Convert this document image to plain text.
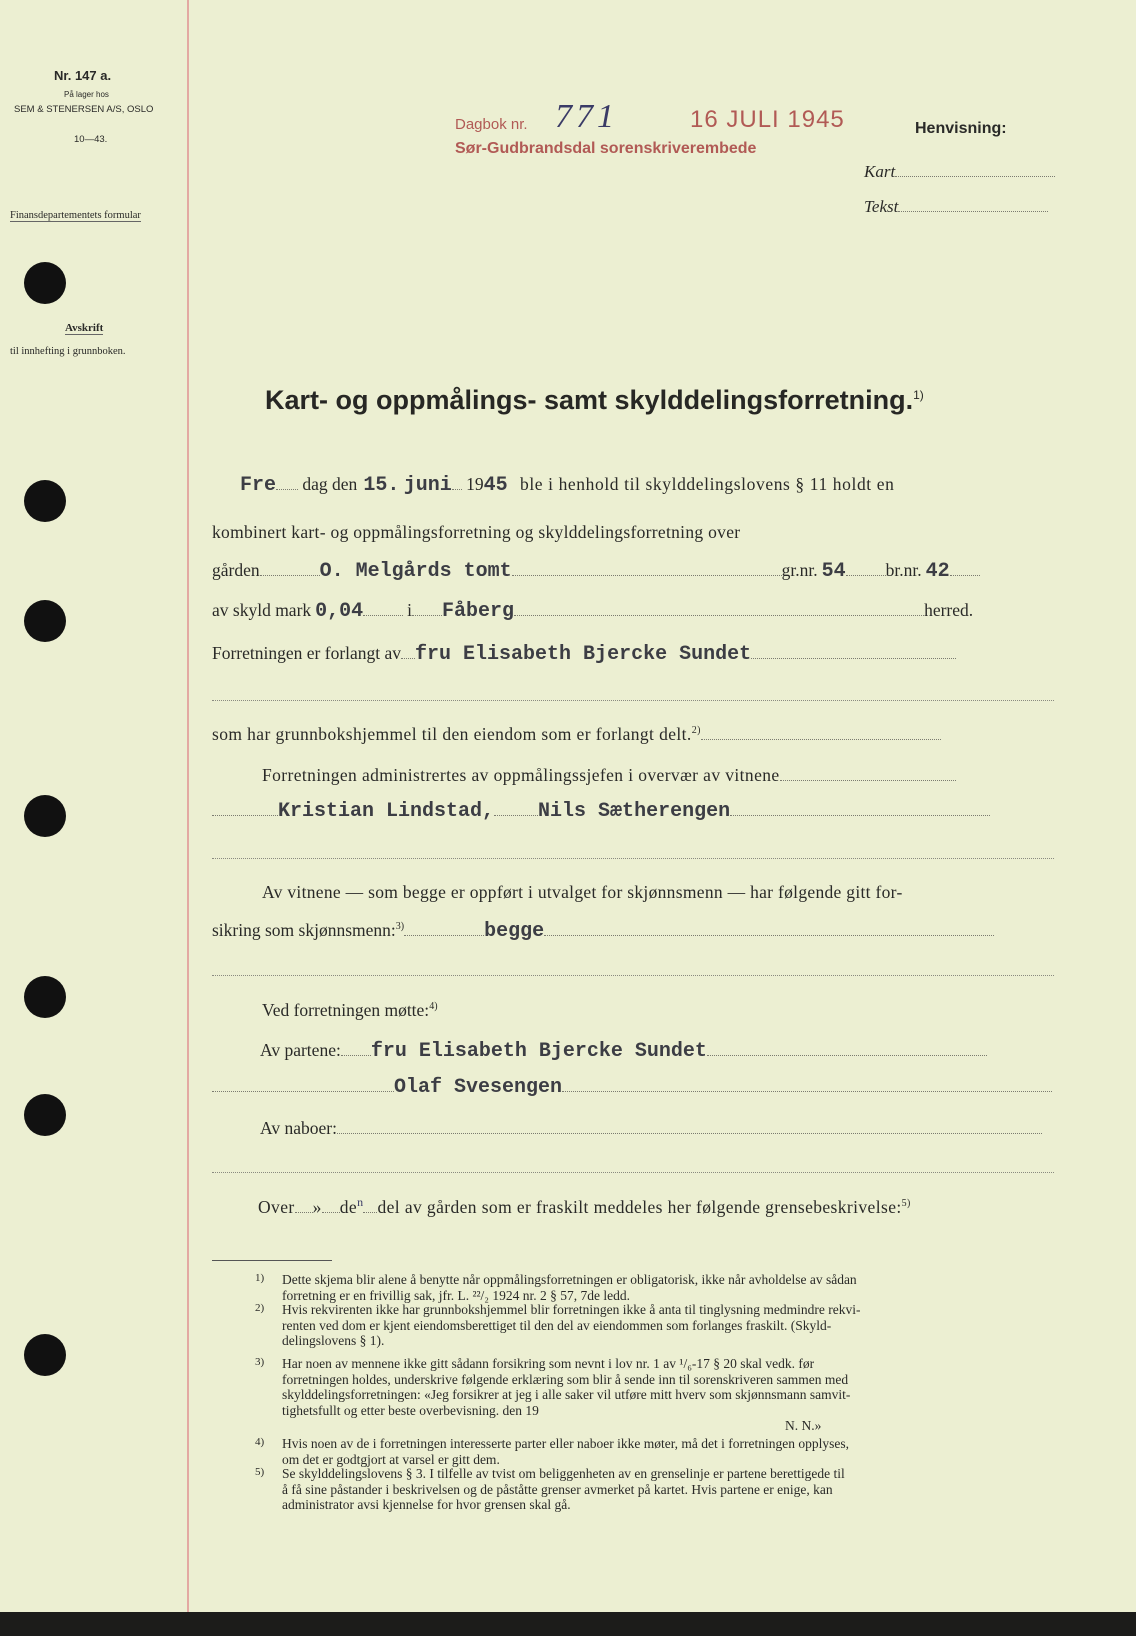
Nr. 147 a.
På lager hos
SEM & STENERSEN A/S, OSLO
10—43.
Finansdepartementets formular
Avskrift
til innhefting i grunnboken.
Dagbok nr. 771	16 JULI 1945
Sør-Gudbrandsdal sorenskriverembede
Henvisning:
Kart
Tekst
Kart- og oppmålings- samt skylddelingsforretning.$^{1)}$
Fre dag den 15. juni 1945 ble i henhold til skylddelingslovens § 11 holdt en
kombinert kart- og oppmålingsforretning og skylddelingsforretning over
gården	O. Melgårds tomt	gr.nr. 54 br.nr. 42
av skyld mark 0,04	i Fåberg	herred.
Forretningen er forlangt av fru Elisabeth Bjercke Sundet
som har grunnbokshjemmel til den eiendom som er forlangt delt.$^{2)}$
Forretningen administrertes av oppmålingssjefen i overvær av vitnene
Kristian Lindstad, Nils Sætherengen
Av vitnene — som begge er oppført i utvalget for skjønnsmenn — har følgende gitt for-
sikring som skjønnsmenn:$^{3)}$	begge
Ved forretningen møtte:$^{4)}$
Av partene: fru Elisabeth Bjercke Sundet
Olaf Svesengen
Av naboer:
Over » $de^n$ del av gården som er fraskilt meddeles her følgende grensebeskrivelse:$^{5)}$
1) Dette skjema blir alene å benytte når oppmålingsforretningen er obligatorisk, ikke når avholdelse av sådan
forretning er en frivillig sak, jfr. L. ²²/₂ 1924 nr. 2 § 57, 7de ledd.
2) Hvis rekvirenten ikke har grunnbokshjemmel blir forretningen ikke å anta til tinglysning medmindre rekvi-
renten ved dom er kjent eiendomsberettiget til den del av eiendommen som forlanges fraskilt. (Skyld-
delingslovens § 1).
3) Har noen av mennene ikke gitt sådann forsikring som nevnt i lov nr. 1 av ¹/₆-17 § 20 skal vedk. før
forretningen holdes, underskrive følgende erklæring som blir å sende inn til sorenskriveren sammen med
skylddelingsforretningen: «Jeg forsikrer at jeg i alle saker vil utføre mitt hverv som skjønnsmann samvit-
tighetsfullt og etter beste overbevisning. den 19
N. N.»
4) Hvis noen av de i forretningen interesserte parter eller naboer ikke møter, må det i forretningen opplyses,
om det er godtgjort at varsel er gitt dem.
5) Se skylddelingslovens § 3. I tilfelle av tvist om beliggenheten av en grenselinje er partene berettigede til
å få sine påstander i beskrivelsen og de påståtte grenser avmerket på kartet. Hvis partene er enige, kan
administrator avsi kjennelse for hvor grensen skal gå.
